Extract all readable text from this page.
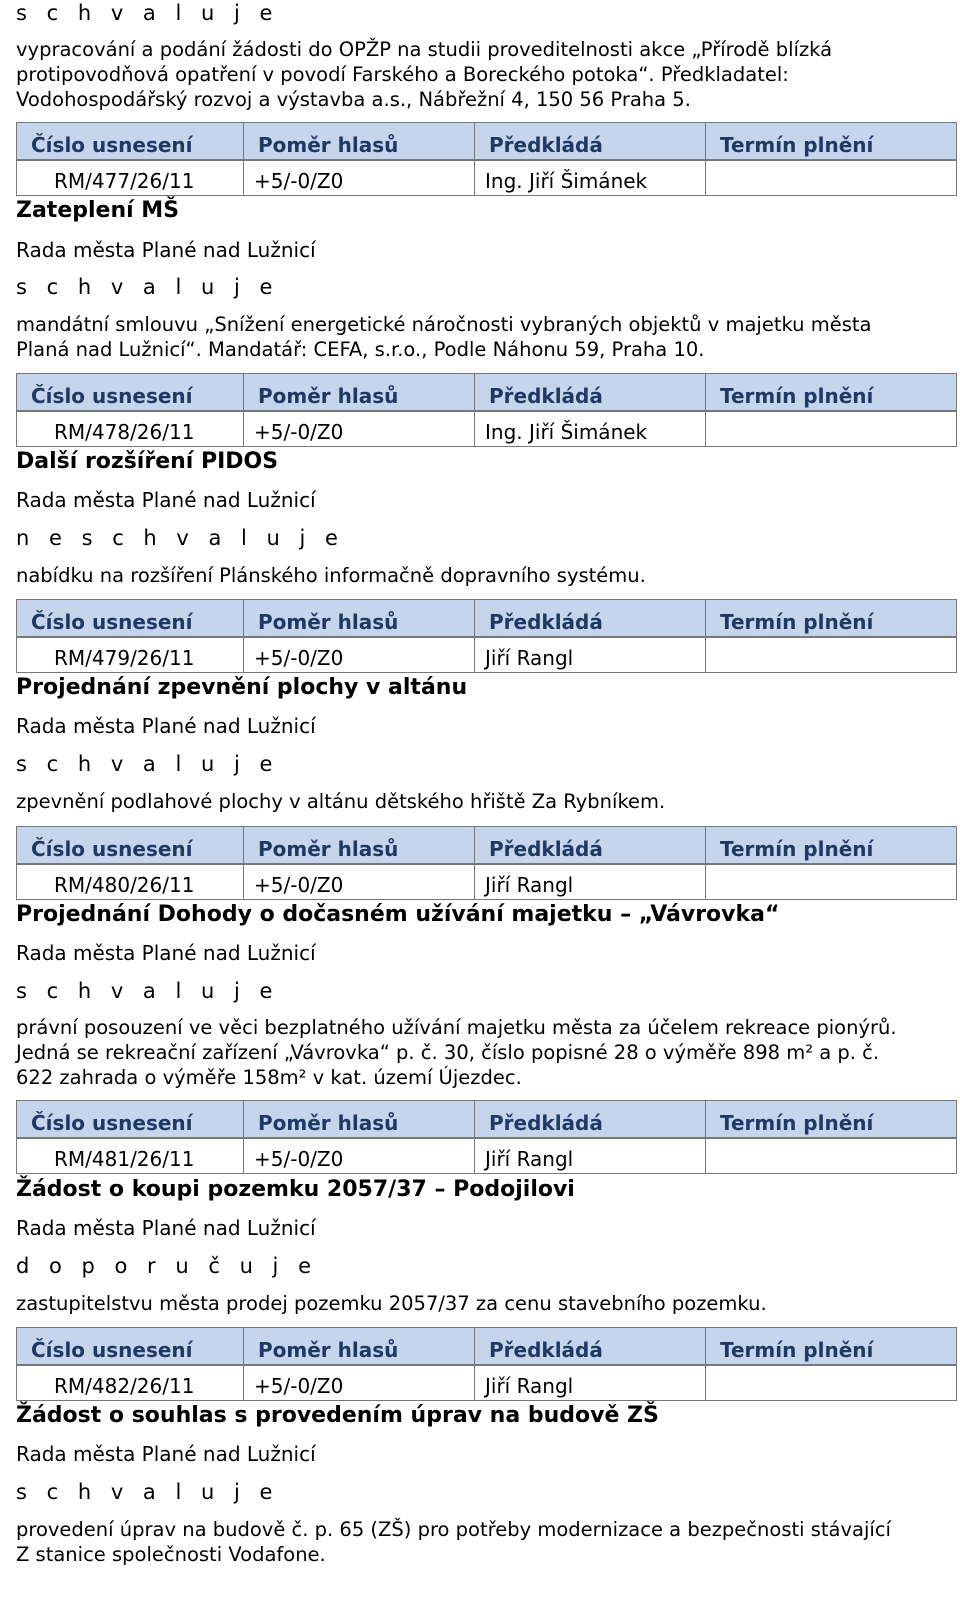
s c h v a l u j e
vypracování a podání žádosti do OPŽP na studii proveditelnosti akce „Přírodě blízká
protipovodňová opatření v povodí Farského a Boreckého potoka“. Předkladatel:
Vodohospodářský rozvoj a výstavba a.s., Nábřežní 4, 150 56 Praha 5.
Číslo usnesení	Poměr hlasů	Předkládá	Termín plnění
RM/477/26/11	+5/-0/Z0	Ing. Jiří Šimánek
Zateplení MŠ
Rada města Plané nad Lužnicí
s c h v a l u j e
mandátní smlouvu „Snížení energetické náročnosti vybraných objektů v majetku města
Planá nad Lužnicí“. Mandatář: CEFA, s.r.o., Podle Náhonu 59, Praha 10.
Číslo usnesení	Poměr hlasů	Předkládá	Termín plnění
RM/478/26/11	+5/-0/Z0	Ing. Jiří Šimánek
Další rozšíření PIDOS
Rada města Plané nad Lužnicí
n e s c h v a l u j e
nabídku na rozšíření Plánského informačně dopravního systému.
Číslo usnesení	Poměr hlasů	Předkládá	Termín plnění
RM/479/26/11	+5/-0/Z0	Jiří Rangl
Projednání zpevnění plochy v altánu
Rada města Plané nad Lužnicí
s c h v a l u j e
zpevnění podlahové plochy v altánu dětského hřiště Za Rybníkem.
Číslo usnesení	Poměr hlasů	Předkládá	Termín plnění
RM/480/26/11	+5/-0/Z0	Jiří Rangl
Projednání Dohody o dočasném užívání majetku – „Vávrovka“
Rada města Plané nad Lužnicí
s c h v a l u j e
právní posouzení ve věci bezplatného užívání majetku města za účelem rekreace pionýrů.
Jedná se rekreační zařízení „Vávrovka“ p. č. 30, číslo popisné 28 o výměře 898 m² a p. č.
622 zahrada o výměře 158m² v kat. území Újezdec.
Číslo usnesení	Poměr hlasů	Předkládá	Termín plnění
RM/481/26/11	+5/-0/Z0	Jiří Rangl
Žádost o koupi pozemku 2057/37 – Podojilovi
Rada města Plané nad Lužnicí
d o p o r u č u j e
zastupitelstvu města prodej pozemku 2057/37 za cenu stavebního pozemku.
Číslo usnesení	Poměr hlasů	Předkládá	Termín plnění
RM/482/26/11	+5/-0/Z0	Jiří Rangl
Žádost o souhlas s provedením úprav na budově ZŠ
Rada města Plané nad Lužnicí
s c h v a l u j e
provedení úprav na budově č. p. 65 (ZŠ) pro potřeby modernizace a bezpečnosti stávající
Z stanice společnosti Vodafone.
